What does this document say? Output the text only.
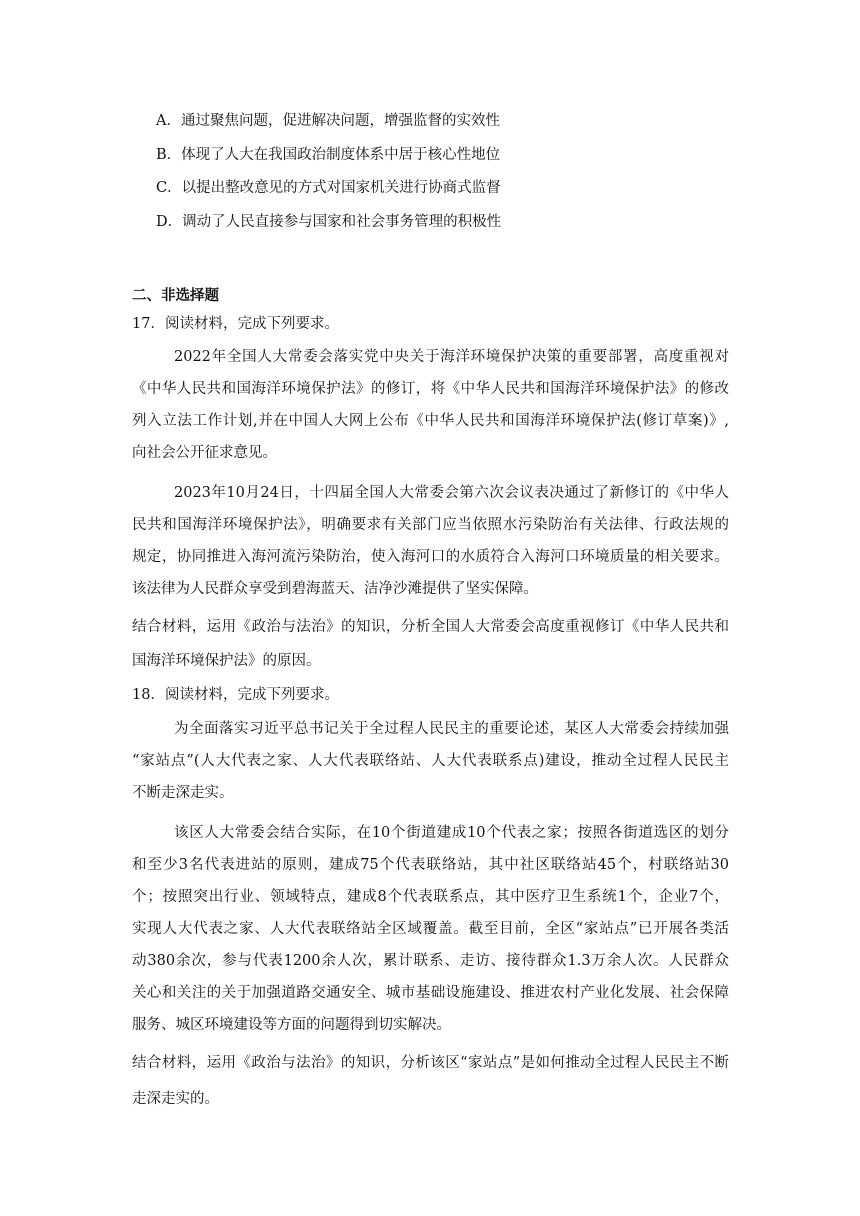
A．通过聚焦问题，促进解决问题，增强监督的实效性
B．体现了人大在我国政治制度体系中居于核心性地位
C．以提出整改意见的方式对国家机关进行协商式监督
D．调动了人民直接参与国家和社会事务管理的积极性
二、非选择题
17．阅读材料，完成下列要求。
2022年全国人大常委会落实党中央关于海洋环境保护决策的重要部署，高度重视对
《中华人民共和国海洋环境保护法》的修订，将《中华人民共和国海洋环境保护法》的修改
列入立法工作计划,并在中国人大网上公布《中华人民共和国海洋环境保护法(修订草案)》,
向社会公开征求意见。
2023年10月24日，十四届全国人大常委会第六次会议表决通过了新修订的《中华人
民共和国海洋环境保护法》，明确要求有关部门应当依照水污染防治有关法律、行政法规的
规定，协同推进入海河流污染防治，使入海河口的水质符合入海河口环境质量的相关要求。
该法律为人民群众享受到碧海蓝天、洁净沙滩提供了坚实保障。
结合材料，运用《政治与法治》的知识，分析全国人大常委会高度重视修订《中华人民共和
国海洋环境保护法》的原因。
18．阅读材料，完成下列要求。
为全面落实习近平总书记关于全过程人民民主的重要论述，某区人大常委会持续加强
“家站点”(人大代表之家、人大代表联络站、人大代表联系点)建设，推动全过程人民民主
不断走深走实。
该区人大常委会结合实际，在10个街道建成10个代表之家；按照各街道选区的划分
和至少3名代表进站的原则，建成75个代表联络站，其中社区联络站45个，村联络站30
个；按照突出行业、领域特点，建成8个代表联系点，其中医疗卫生系统1个，企业7个，
实现人大代表之家、人大代表联络站全区域覆盖。截至目前，全区“家站点”已开展各类活
动380余次，参与代表1200余人次，累计联系、走访、接待群众1.3万余人次。人民群众
关心和关注的关于加强道路交通安全、城市基础设施建设、推进农村产业化发展、社会保障
服务、城区环境建设等方面的问题得到切实解决。
结合材料，运用《政治与法治》的知识，分析该区“家站点”是如何推动全过程人民民主不断
走深走实的。
